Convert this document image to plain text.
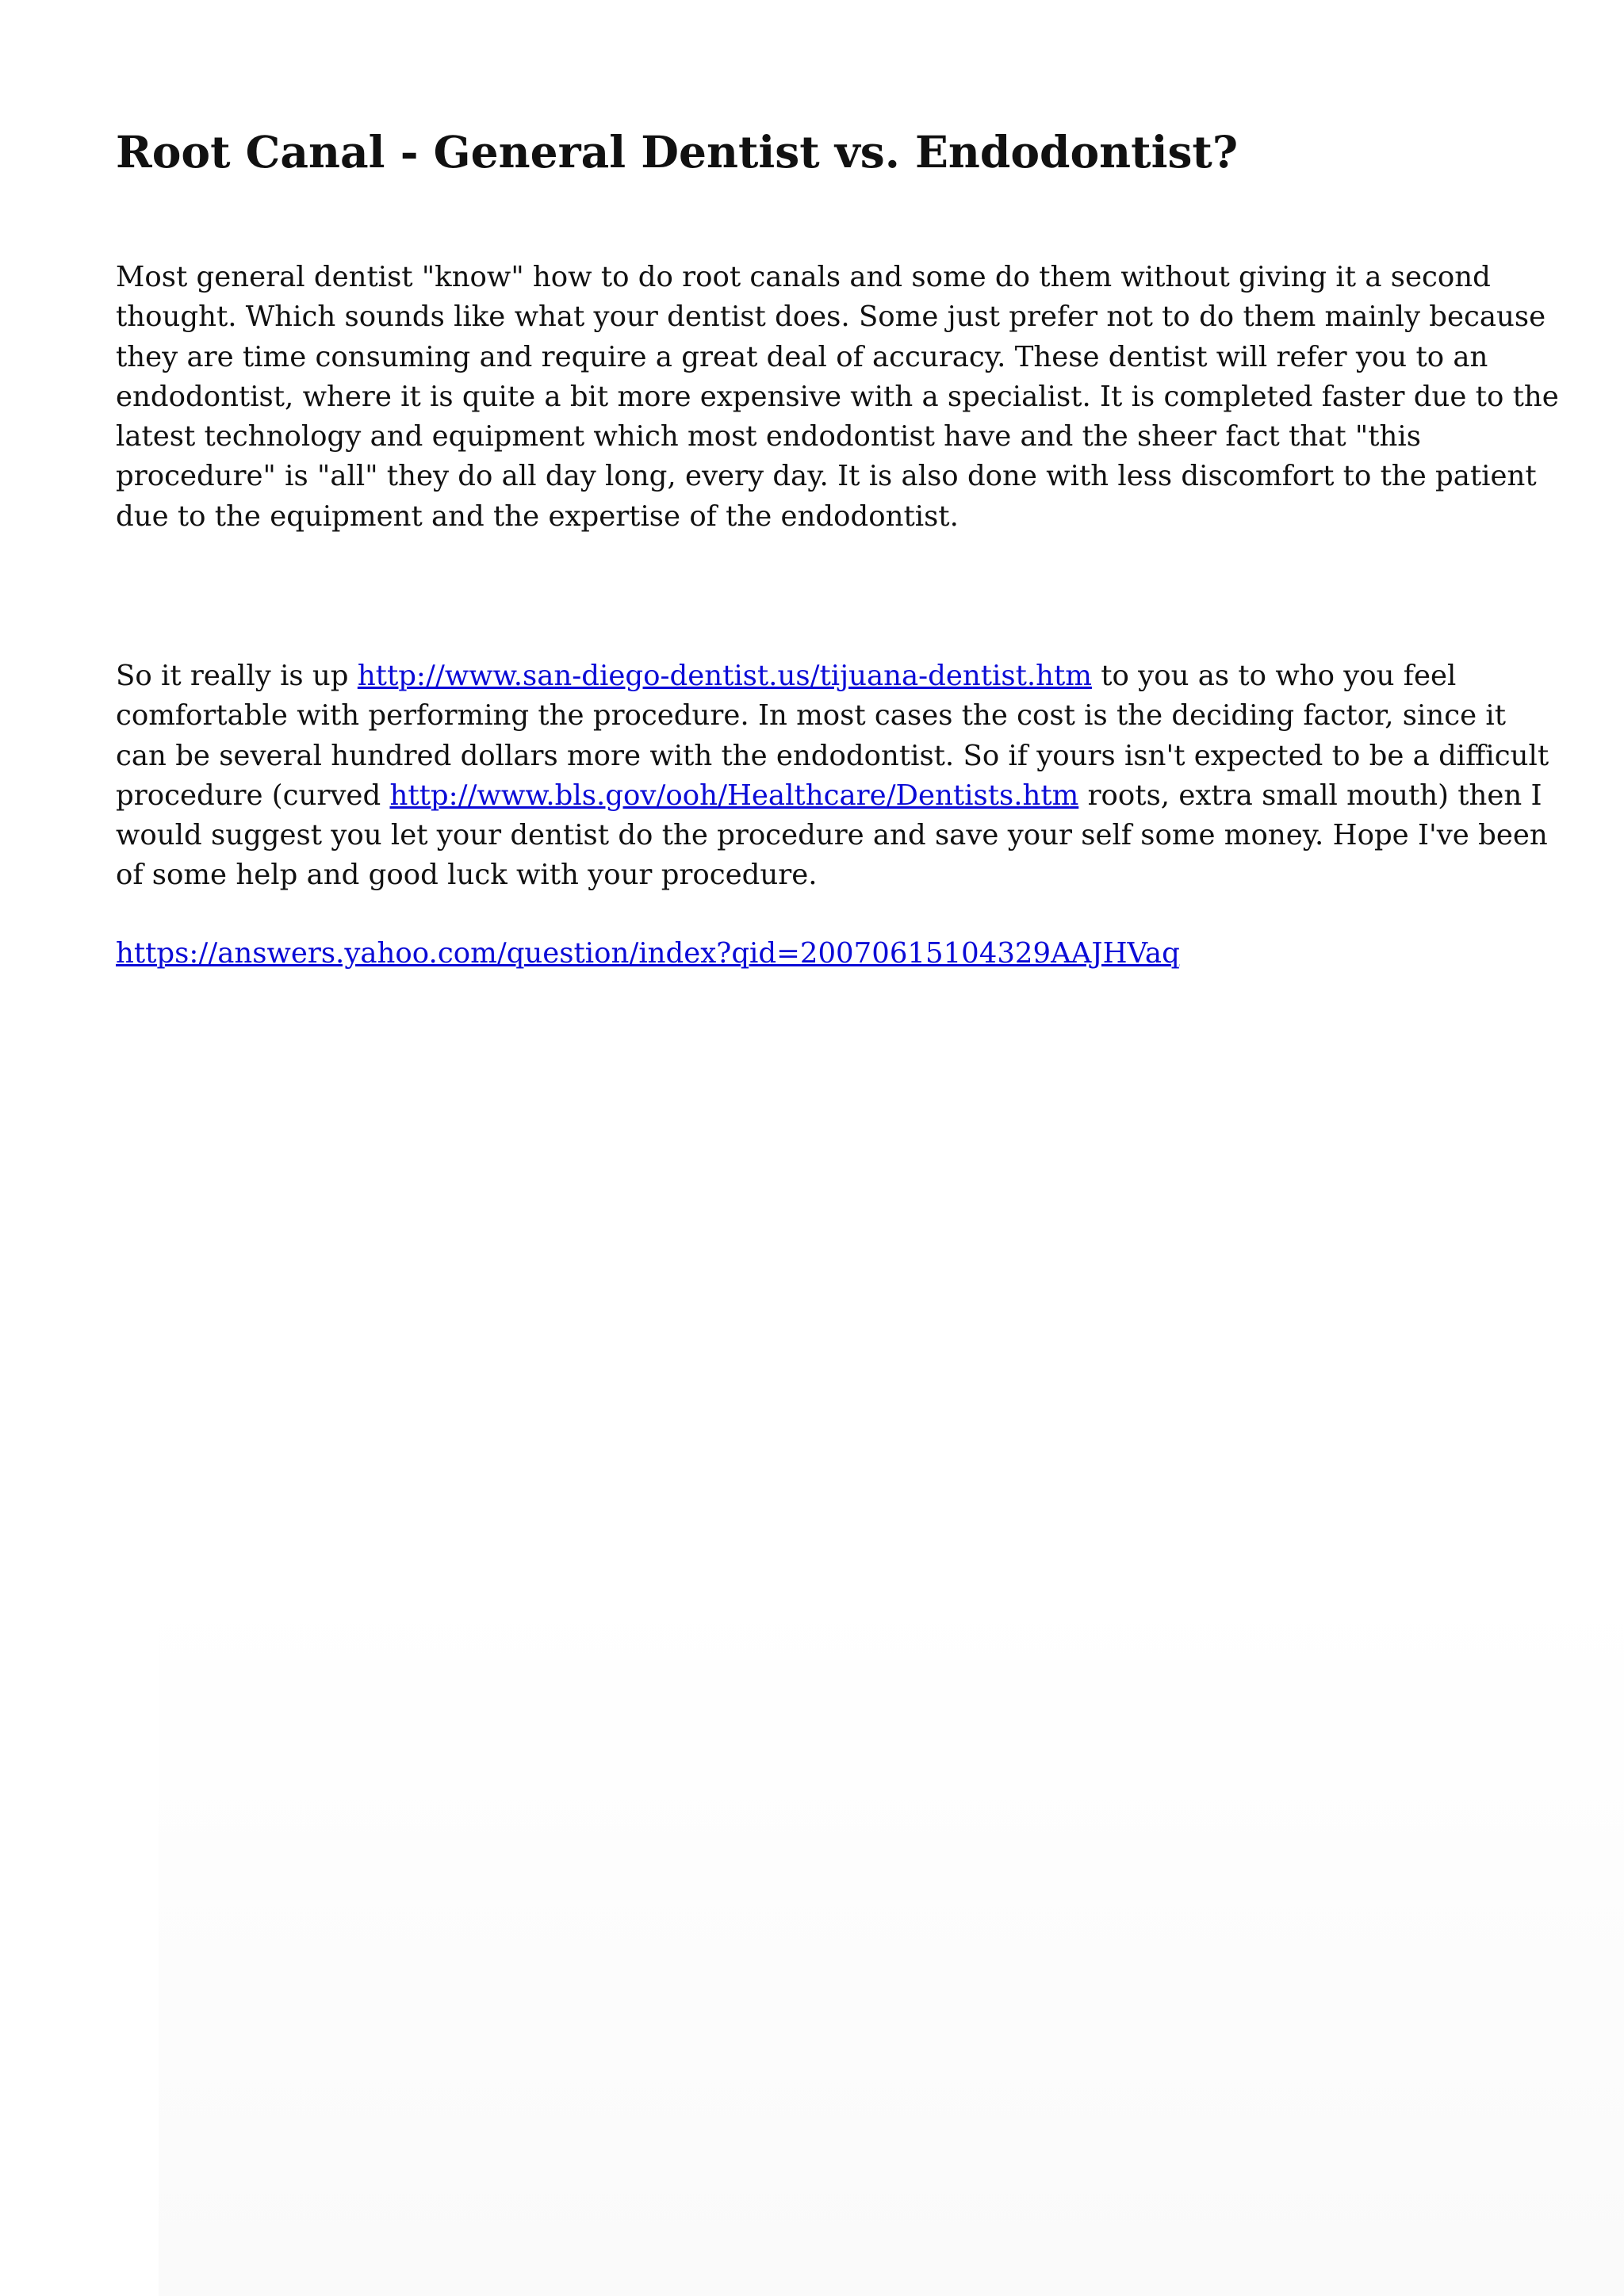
Root Canal - General Dentist vs. Endodontist?

Most general dentist "know" how to do root canals and some do them without giving it a second
thought. Which sounds like what your dentist does. Some just prefer not to do them mainly because
they are time consuming and require a great deal of accuracy. These dentist will refer you to an
endodontist, where it is quite a bit more expensive with a specialist. It is completed faster due to the
latest technology and equipment which most endodontist have and the sheer fact that "this
procedure" is "all" they do all day long, every day. It is also done with less discomfort to the patient
due to the equipment and the expertise of the endodontist.

So it really is up http://www.san-diego-dentist.us/tijuana-dentist.htm to you as to who you feel
comfortable with performing the procedure. In most cases the cost is the deciding factor, since it
can be several hundred dollars more with the endodontist. So if yours isn't expected to be a difficult
procedure (curved http://www.bls.gov/ooh/Healthcare/Dentists.htm roots, extra small mouth) then I
would suggest you let your dentist do the procedure and save your self some money. Hope I've been
of some help and good luck with your procedure.

https://answers.yahoo.com/question/index?qid=20070615104329AAJHVaq
